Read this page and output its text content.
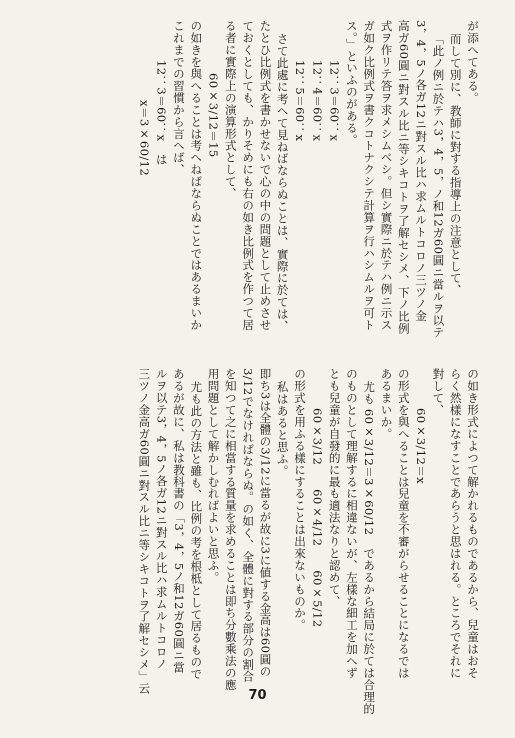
が添へてある。
而して別に、教師に對する指導上の注意として、
「此ノ例ニ於テハ3，4，5，ノ和12ガ60圓ニ當ルヲ以テ
3，4，5ノ各ガ12ニ對スル比ハ求ムルトコロノ三ツノ金
高ガ60圓ニ對スル比ニ等シキコトヲ了解セシメ、下ノ比例
式ヲ作リテ答ヲ求メシムベシ。但シ實際ニ於テハ例ニ示ス
ガ如ク比例式ヲ書クコトナクシテ計算ヲ行ハシムルヲ可ト
ス。」といふのがある。
12：3＝60：x
12：4＝60：x
12：5＝60：x
さて此處に考へて見ねばならぬことは、實際に於ては、
たとひ比例式を書かせないで心の中の問題として止めさせ
ておくとしても、かりそめにも右の如き比例式を作つて居
る者に實際上の演算形式として、
60×3/12＝15
の如きを與へることは考へねばならぬことではあるまいか
これまでの習慣から言へば、
12：3＝60：x　は
x＝3×60/12
の如き形式によつて解かれるものであるから、兒童はおそ
らく然樣になすことであらうと思はれる。ところでそれに
對して、
60×3/12＝x
の形式を與へることは兒童を不審がらせることになるでは
あるまいか。
尤も 60×3/12＝3×60/12　であるから結局に於ては合理的
のものとして理解するに相違ないが、左樣な細工を加へず
とも兒童が自發的に最も適法なりと認めて、
60×3/12　　60×4/12　　60×5/12
の形式を用ふる樣にすることは出來ないものか。
私はあると思ふ。
即ち3は全體の3/12に當るが故に3に値する金高は60圓の
3/12でなければならぬ。の如く、全體に對する部分の割合
を知つて之に相當する質量を求めることは即ち分數乘法の應
用問題として解かしむればよいと思ふ。
尤も此の方法と雖も、比例の考を根柢として居るもので
あるが故に、私は教科書の「3，4，5ノ和12ガ60圓ニ當
ルヲ以テ3，4，5ノ各ガ12ニ對スル比ハ求ムルトコロノ
三ツノ金高ガ60圓ニ對スル比ニ等シキコトヲ了解セシメ」云
70
